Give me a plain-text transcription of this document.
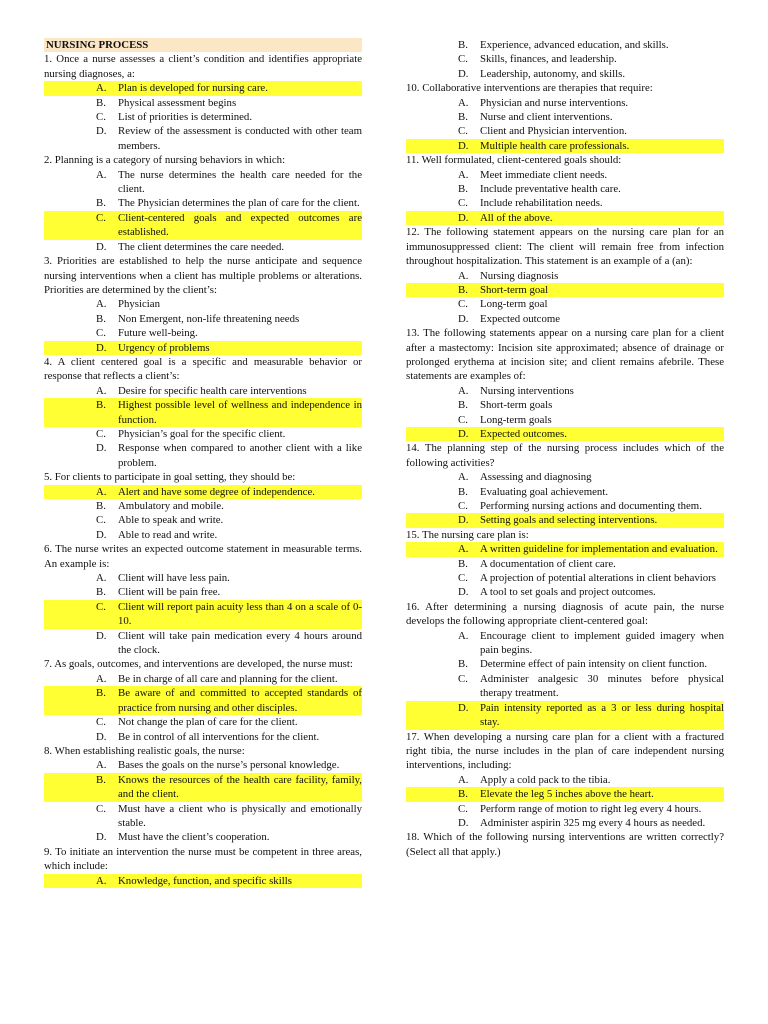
NURSING PROCESS
1. Once a nurse assesses a client’s condition and identifies appropriate nursing diagnoses, a:
A.	Plan is developed for nursing care.
B.	Physical assessment begins
C.	List of priorities is determined.
D.	Review of the assessment is conducted with other team members.
2. Planning is a category of nursing behaviors in which:
A.	The nurse determines the health care needed for the client.
B.	The Physician determines the plan of care for the client.
C.	Client-centered goals and expected outcomes are established.
D.	The client determines the care needed.
3. Priorities are established to help the nurse anticipate and sequence nursing interventions when a client has multiple problems or alterations. Priorities are determined by the client’s:
A.	Physician
B.	Non Emergent, non-life threatening needs
C.	Future well-being.
D.	Urgency of problems
4. A client centered goal is a specific and measurable behavior or response that reflects a client’s:
A.	Desire for specific health care interventions
B.	Highest possible level of wellness and independence in function.
C.	Physician’s goal for the specific client.
D.	Response when compared to another client with a like problem.
5. For clients to participate in goal setting, they should be:
A.	Alert and have some degree of independence.
B.	Ambulatory and mobile.
C.	Able to speak and write.
D.	Able to read and write.
6. The nurse writes an expected outcome statement in measurable terms. An example is:
A.	Client will have less pain.
B.	Client will be pain free.
C.	Client will report pain acuity less than 4 on a scale of 0-10.
D.	Client will take pain medication every 4 hours around the clock.
7. As goals, outcomes, and interventions are developed, the nurse must:
A.	Be in charge of all care and planning for the client.
B.	Be aware of and committed to accepted standards of practice from nursing and other disciples.
C.	Not change the plan of care for the client.
D.	Be in control of all interventions for the client.
8. When establishing realistic goals, the nurse:
A.	Bases the goals on the nurse’s personal knowledge.
B.	Knows the resources of the health care facility, family, and the client.
C.	Must have a client who is physically and emotionally stable.
D.	Must have the client’s cooperation.
9. To initiate an intervention the nurse must be competent in three areas, which include:
A.	Knowledge, function, and specific skills
B.	Experience, advanced education, and skills.
C.	Skills, finances, and leadership.
D.	Leadership, autonomy, and skills.
10. Collaborative interventions are therapies that require:
A.	Physician and nurse interventions.
B.	Nurse and client interventions.
C.	Client and Physician intervention.
D.	Multiple health care professionals.
11. Well formulated, client-centered goals should:
A.	Meet immediate client needs.
B.	Include preventative health care.
C.	Include rehabilitation needs.
D.	All of the above.
12. The following statement appears on the nursing care plan for an immunosuppressed client: The client will remain free from infection throughout hospitalization. This statement is an example of a (an):
A.	Nursing diagnosis
B.	Short-term goal
C.	Long-term goal
D.	Expected outcome
13. The following statements appear on a nursing care plan for a client after a mastectomy: Incision site approximated; absence of drainage or prolonged erythema at incision site; and client remains afebrile. These statements are examples of:
A.	Nursing interventions
B.	Short-term goals
C.	Long-term goals
D.	Expected outcomes.
14. The planning step of the nursing process includes which of the following activities?
A.	Assessing and diagnosing
B.	Evaluating goal achievement.
C.	Performing nursing actions and documenting them.
D.	Setting goals and selecting interventions.
15. The nursing care plan is:
A.	A written guideline for implementation and evaluation.
B.	A documentation of client care.
C.	A projection of potential alterations in client behaviors
D.	A tool to set goals and project outcomes.
16. After determining a nursing diagnosis of acute pain, the nurse develops the following appropriate client-centered goal:
A.	Encourage client to implement guided imagery when pain begins.
B.	Determine effect of pain intensity on client function.
C.	Administer analgesic 30 minutes before physical therapy treatment.
D.	Pain intensity reported as a 3 or less during hospital stay.
17. When developing a nursing care plan for a client with a fractured right tibia, the nurse includes in the plan of care independent nursing interventions, including:
A.	Apply a cold pack to the tibia.
B.	Elevate the leg 5 inches above the heart.
C.	Perform range of motion to right leg every 4 hours.
D.	Administer aspirin 325 mg every 4 hours as needed.
18. Which of the following nursing interventions are written correctly? (Select all that apply.)
